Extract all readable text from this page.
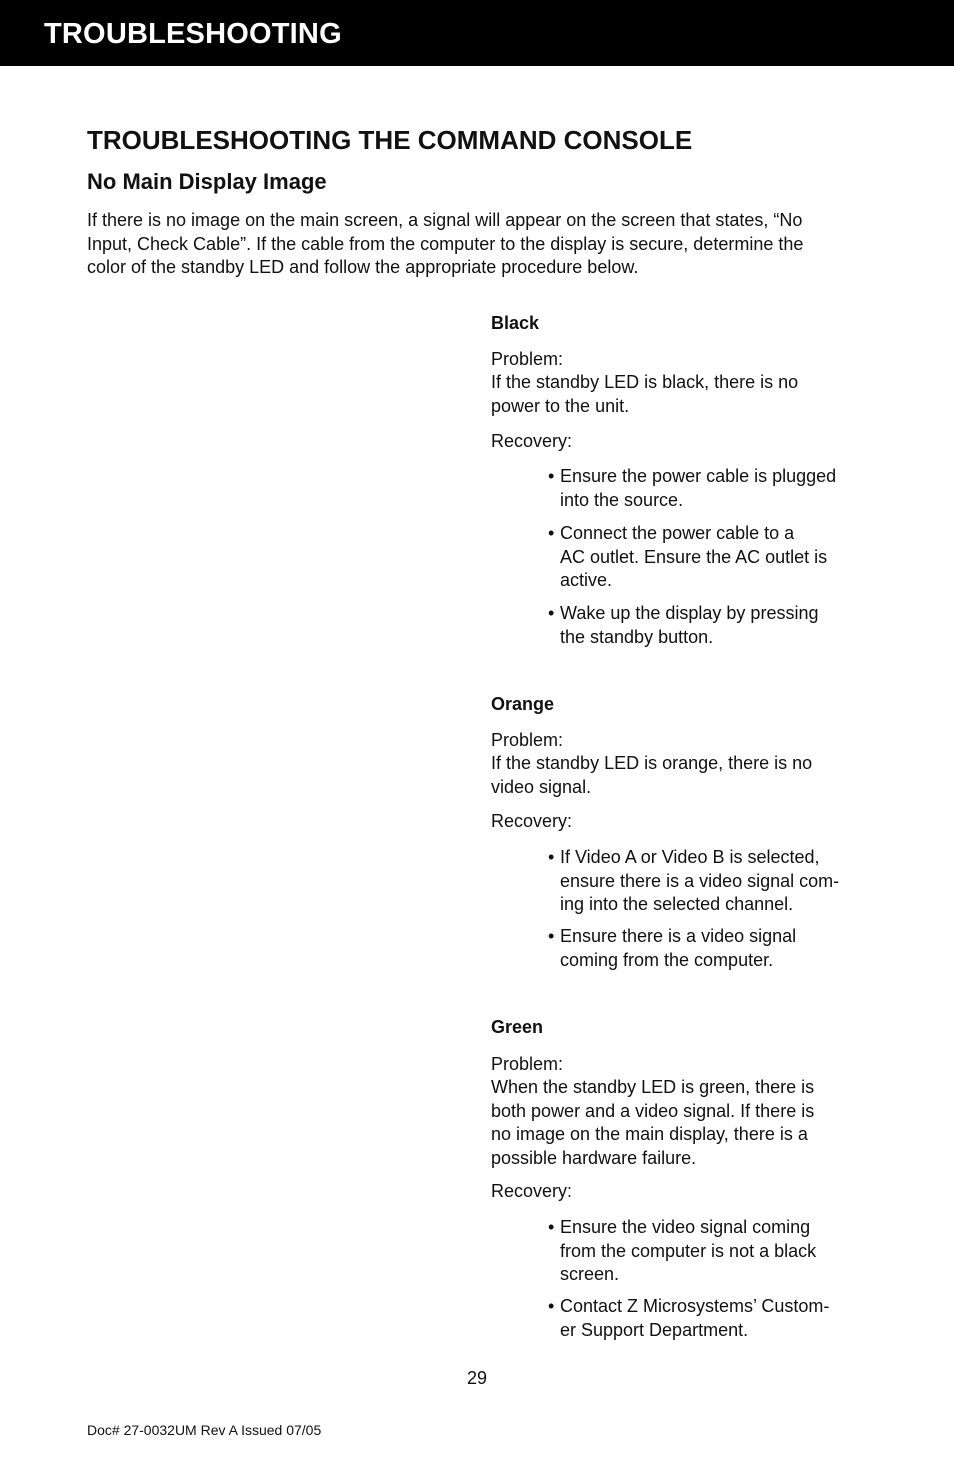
TROUBLESHOOTING
TROUBLESHOOTING THE COMMAND CONSOLE
No Main Display Image

If there is no image on the main screen, a signal will appear on the screen that states, “No
Input, Check Cable”. If the cable from the computer to the display is secure, determine the
color of the standby LED and follow the appropriate procedure below.

Black

Problem:

If the standby LED is black, there is no
power to the unit.

Recovery:

• Ensure the power cable is plugged
into the source.

• Connect the power cable to a
AC outlet. Ensure the AC outlet is
active.

• Wake up the display by pressing
the standby button.

Orange

Problem:

If the standby LED is orange, there is no
video signal.

Recovery:

• If Video A or Video B is selected,
ensure there is a video signal com-
ing into the selected channel.

• Ensure there is a video signal
coming from the computer.

Green

Problem:

When the standby LED is green, there is
both power and a video signal. If there is
no image on the main display, there is a
possible hardware failure.

Recovery:

• Ensure the video signal coming
from the computer is not a black
screen.

• Contact Z Microsystems’ Custom-
er Support Department.

29

Doc# 27-0032UM Rev A Issued 07/05
